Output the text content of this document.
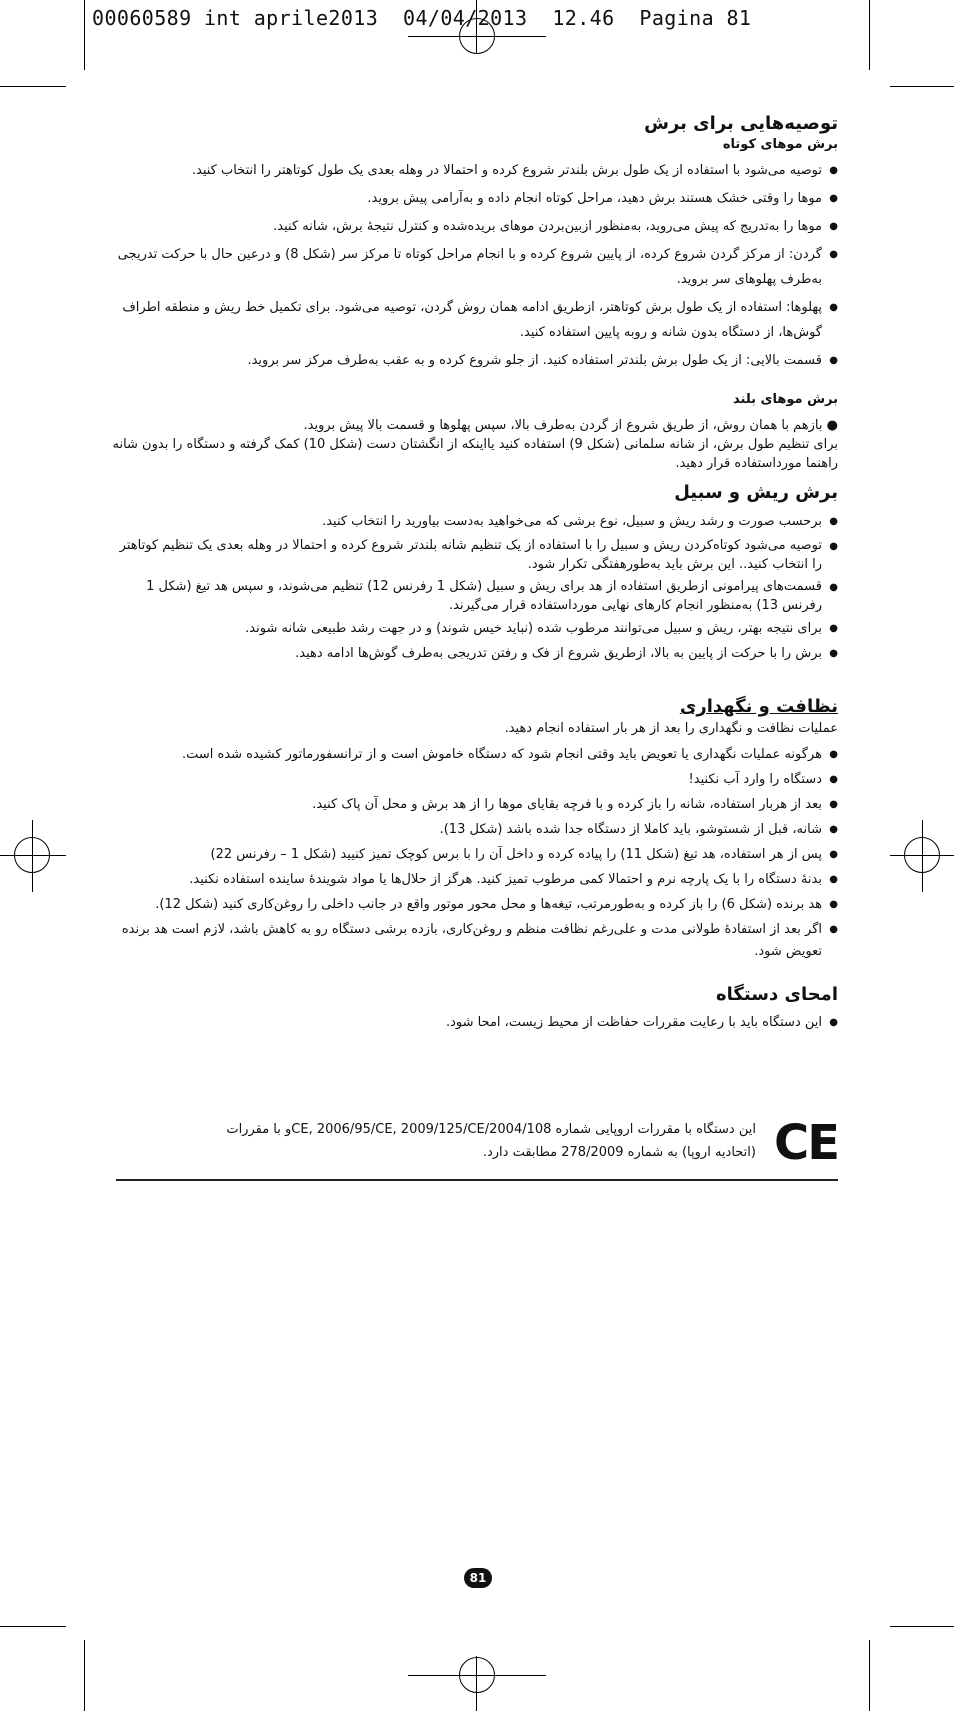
00060589 int aprile2013  04/04/2013  12.46  Pagina 81
توصیه‌هایی برای برش
برش موهای کوتاه
● توصیه می‌شود با استفاده از یک طول برش بلندتر شروع کرده و احتمالا در وهله بعدی یک طول کوتاهتر را انتخاب کنید.
● موها را وقتی خشک هستند برش دهید، مراحل کوتاه انجام داده و به‌آرامی پیش بروید.
● موها را به‌تدریج که پیش می‌روید، به‌منظور ازبین‌بردن موهای بریده‌شده و کنترل نتیجهٔ برش، شانه کنید.
● گردن: از مرکز گردن شروع کرده، از پایین شروع کرده و با انجام مراحل کوتاه تا مرکز سر (شکل 8) و درعین حال با حرکت تدریجی به‌طرف پهلوهای سر بروید.
● پهلوها: استفاده از یک طول برش کوتاهتر، ازطریق ادامه همان روش گردن، توصیه می‌شود. برای تکمیل خط ریش و منطقه اطراف گوش‌ها، از دستگاه بدون شانه و روبه پایین استفاده کنید.
● قسمت بالایی: از یک طول برش بلندتر استفاده کنید. از جلو شروع کرده و به عقب به‌طرف مرکز سر بروید.
برش موهای بلند

● بازهم با همان روش، از طریق شروع از گردن به‌طرف بالا، سپس پهلوها و قسمت بالا پیش بروید.

برای تنظیم طول برش، از شانه سلمانی (شکل 9) استفاده کنید یااینکه از انگشتان دست (شکل 10) کمک گرفته و دستگاه را بدون شانه راهنما مورداستفاده قرار دهید.

برش ریش و سبیل
● برحسب صورت و رشد ریش و سبیل، نوع برشی که می‌خواهید به‌دست بیاورید را انتخاب کنید.
● توصیه می‌شود کوتاه‌کردن ریش و سبیل را با استفاده از یک تنظیم شانه بلندتر شروع کرده و احتمالا در وهله بعدی یک تنظیم کوتاهتر را انتخاب کنید.. این برش باید به‌طورهفتگی تکرار شود.
● قسمت‌های پیرامونی ازطریق استفاده از هد برای ریش و سبیل (شکل 1 رفرنس 12) تنظیم می‌شوند، و سپس هد تیغ (شکل 1 رفرنس 13) به‌منظور انجام کارهای نهایی مورداستفاده قرار می‌گیرند.
● برای نتیجه بهتر، ریش و سبیل می‌توانند مرطوب شده (نباید خیس شوند) و در جهت رشد طبیعی شانه شوند.
● برش را با حرکت از پایین به بالا، ازطریق شروع از فک و رفتن تدریجی به‌طرف گوش‌ها ادامه دهید.
نظافت و نگهداری

عملیات نظافت و نگهداری را بعد از هر بار استفاده انجام دهید.

● هرگونه عملیات نگهداری یا تعویض باید وقتی انجام شود که دستگاه خاموش است و از ترانسفورماتور کشیده شده است.
● دستگاه را وارد آب نکنید!
● بعد از هربار استفاده، شانه را باز کرده و با فرچه بقایای موها را از هد برش و محل آن پاک کنید.
● شانه، قبل از شستوشو، باید کاملا از دستگاه جدا شده باشد (شکل 13).
● پس از هر استفاده، هد تیغ (شکل 11) را پیاده کرده و داخل آن را با برس کوچک تمیز کنیید (شکل 1 – رفرنس 22)
● بدنهٔ دستگاه را با یک پارچه نرم و احتمالا کمی مرطوب تمیز کنید. هرگز از حلال‌ها یا مواد شویندهٔ ساینده استفاده نکنید.
● هد برنده (شکل 6) را باز کرده و به‌طورمرتب، تیغه‌ها و محل محور موتور واقع در جانب داخلی را روغن‌کاری کنید (شکل 12).
● اگر بعد از استفادهٔ طولانی مدت و علی‌رغم نظافت منظم و روغن‌کاری، بازده برشی دستگاه رو به کاهش باشد، لازم است هد برنده تعویض شود.
امحای دستگاه
● این دستگاه باید با رعایت مقررات حفاظت از محیط زیست، امحا شود.
CE
این دستگاه با مقررات اروپایی شماره 2004/108/CE, 2006/95/CE, 2009/125/CEو با مقررات
(اتحادیه اروپا) به شماره 278/2009 مطابقت دارد.
81
